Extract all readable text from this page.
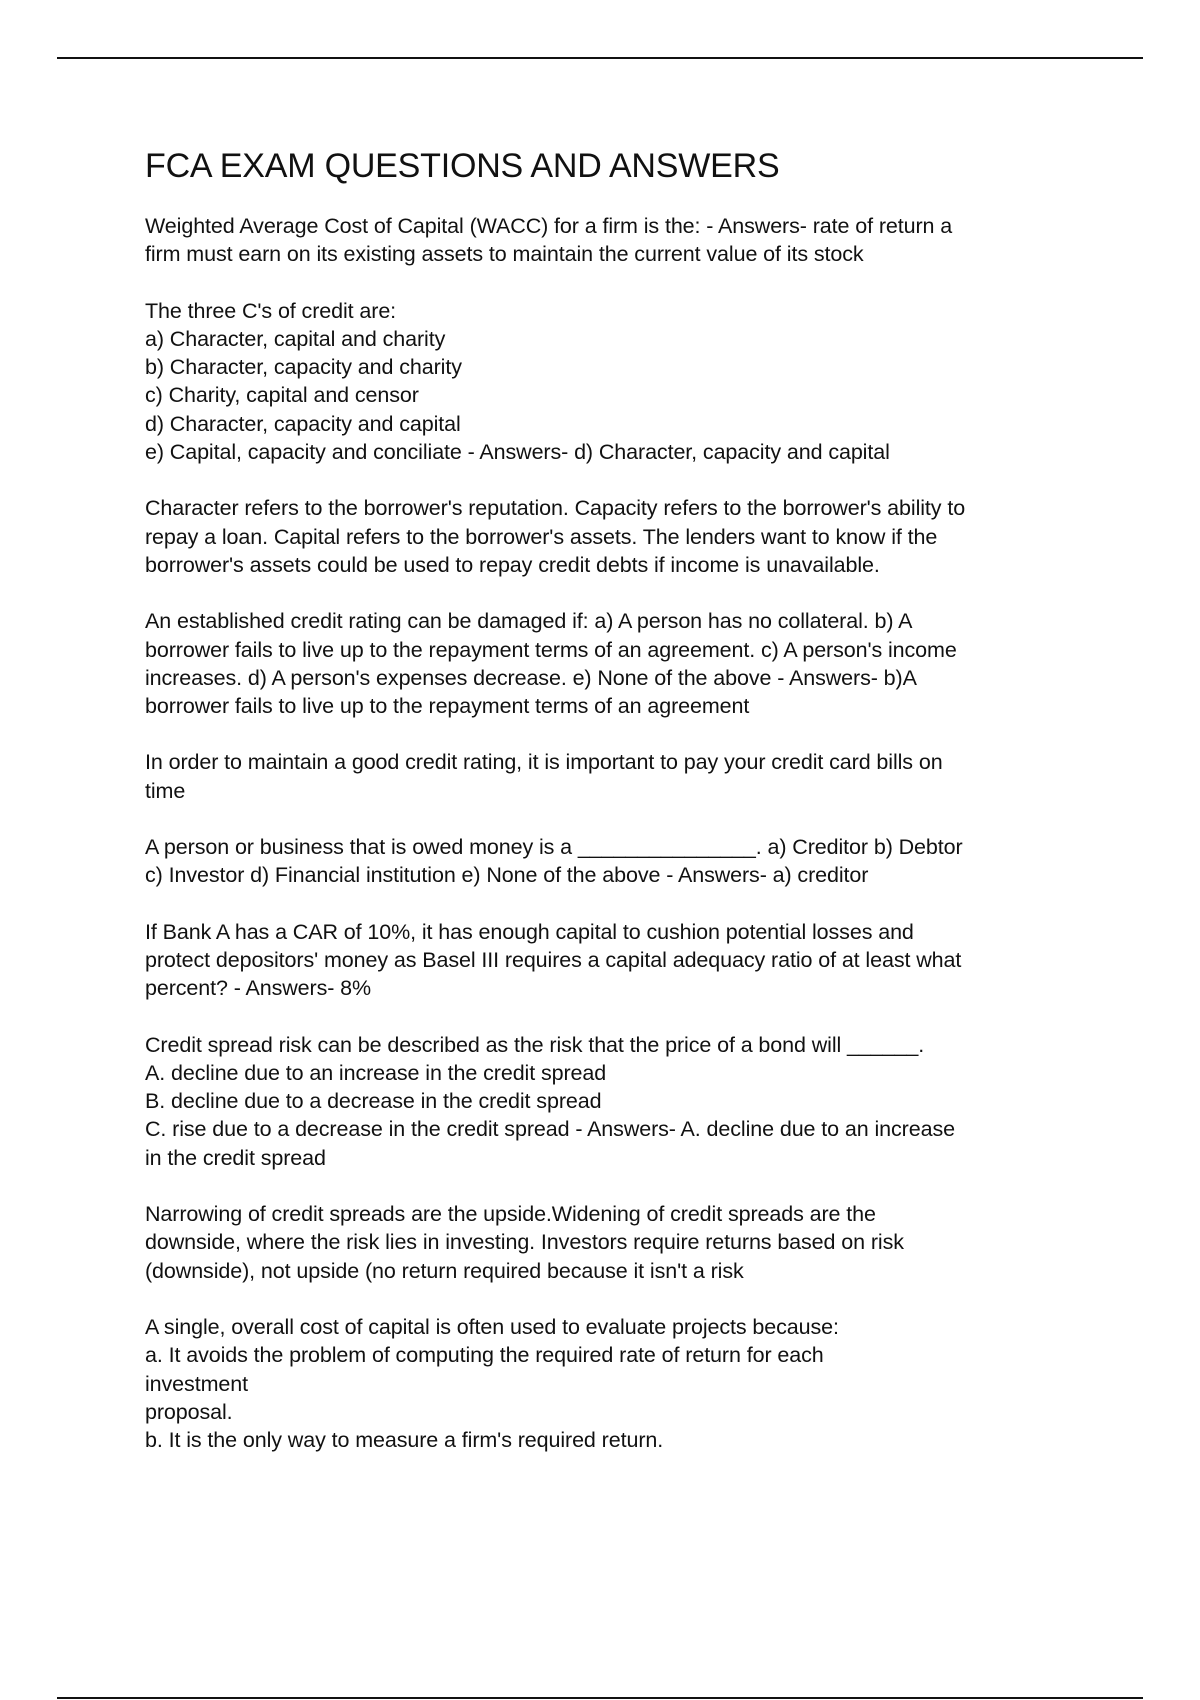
FCA EXAM QUESTIONS AND ANSWERS
Weighted Average Cost of Capital (WACC) for a firm is the: - Answers- rate of return a
firm must earn on its existing assets to maintain the current value of its stock
The three C's of credit are:
a) Character, capital and charity
b) Character, capacity and charity
c) Charity, capital and censor
d) Character, capacity and capital
e) Capital, capacity and conciliate - Answers- d) Character, capacity and capital
Character refers to the borrower's reputation. Capacity refers to the borrower's ability to
repay a loan. Capital refers to the borrower's assets. The lenders want to know if the
borrower's assets could be used to repay credit debts if income is unavailable.
An established credit rating can be damaged if: a) A person has no collateral. b) A
borrower fails to live up to the repayment terms of an agreement. c) A person's income
increases. d) A person's expenses decrease. e) None of the above - Answers- b)A
borrower fails to live up to the repayment terms of an agreement
In order to maintain a good credit rating, it is important to pay your credit card bills on
time
A person or business that is owed money is a _______________. a) Creditor b) Debtor
c) Investor d) Financial institution e) None of the above - Answers- a) creditor
If Bank A has a CAR of 10%, it has enough capital to cushion potential losses and
protect depositors' money as Basel III requires a capital adequacy ratio of at least what
percent? - Answers- 8%
Credit spread risk can be described as the risk that the price of a bond will ______.
A. decline due to an increase in the credit spread
B. decline due to a decrease in the credit spread
C. rise due to a decrease in the credit spread - Answers- A. decline due to an increase
in the credit spread
Narrowing of credit spreads are the upside.Widening of credit spreads are the
downside, where the risk lies in investing. Investors require returns based on risk
(downside), not upside (no return required because it isn't a risk
A single, overall cost of capital is often used to evaluate projects because:
a. It avoids the problem of computing the required rate of return for each
investment
proposal.
b. It is the only way to measure a firm's required return.
